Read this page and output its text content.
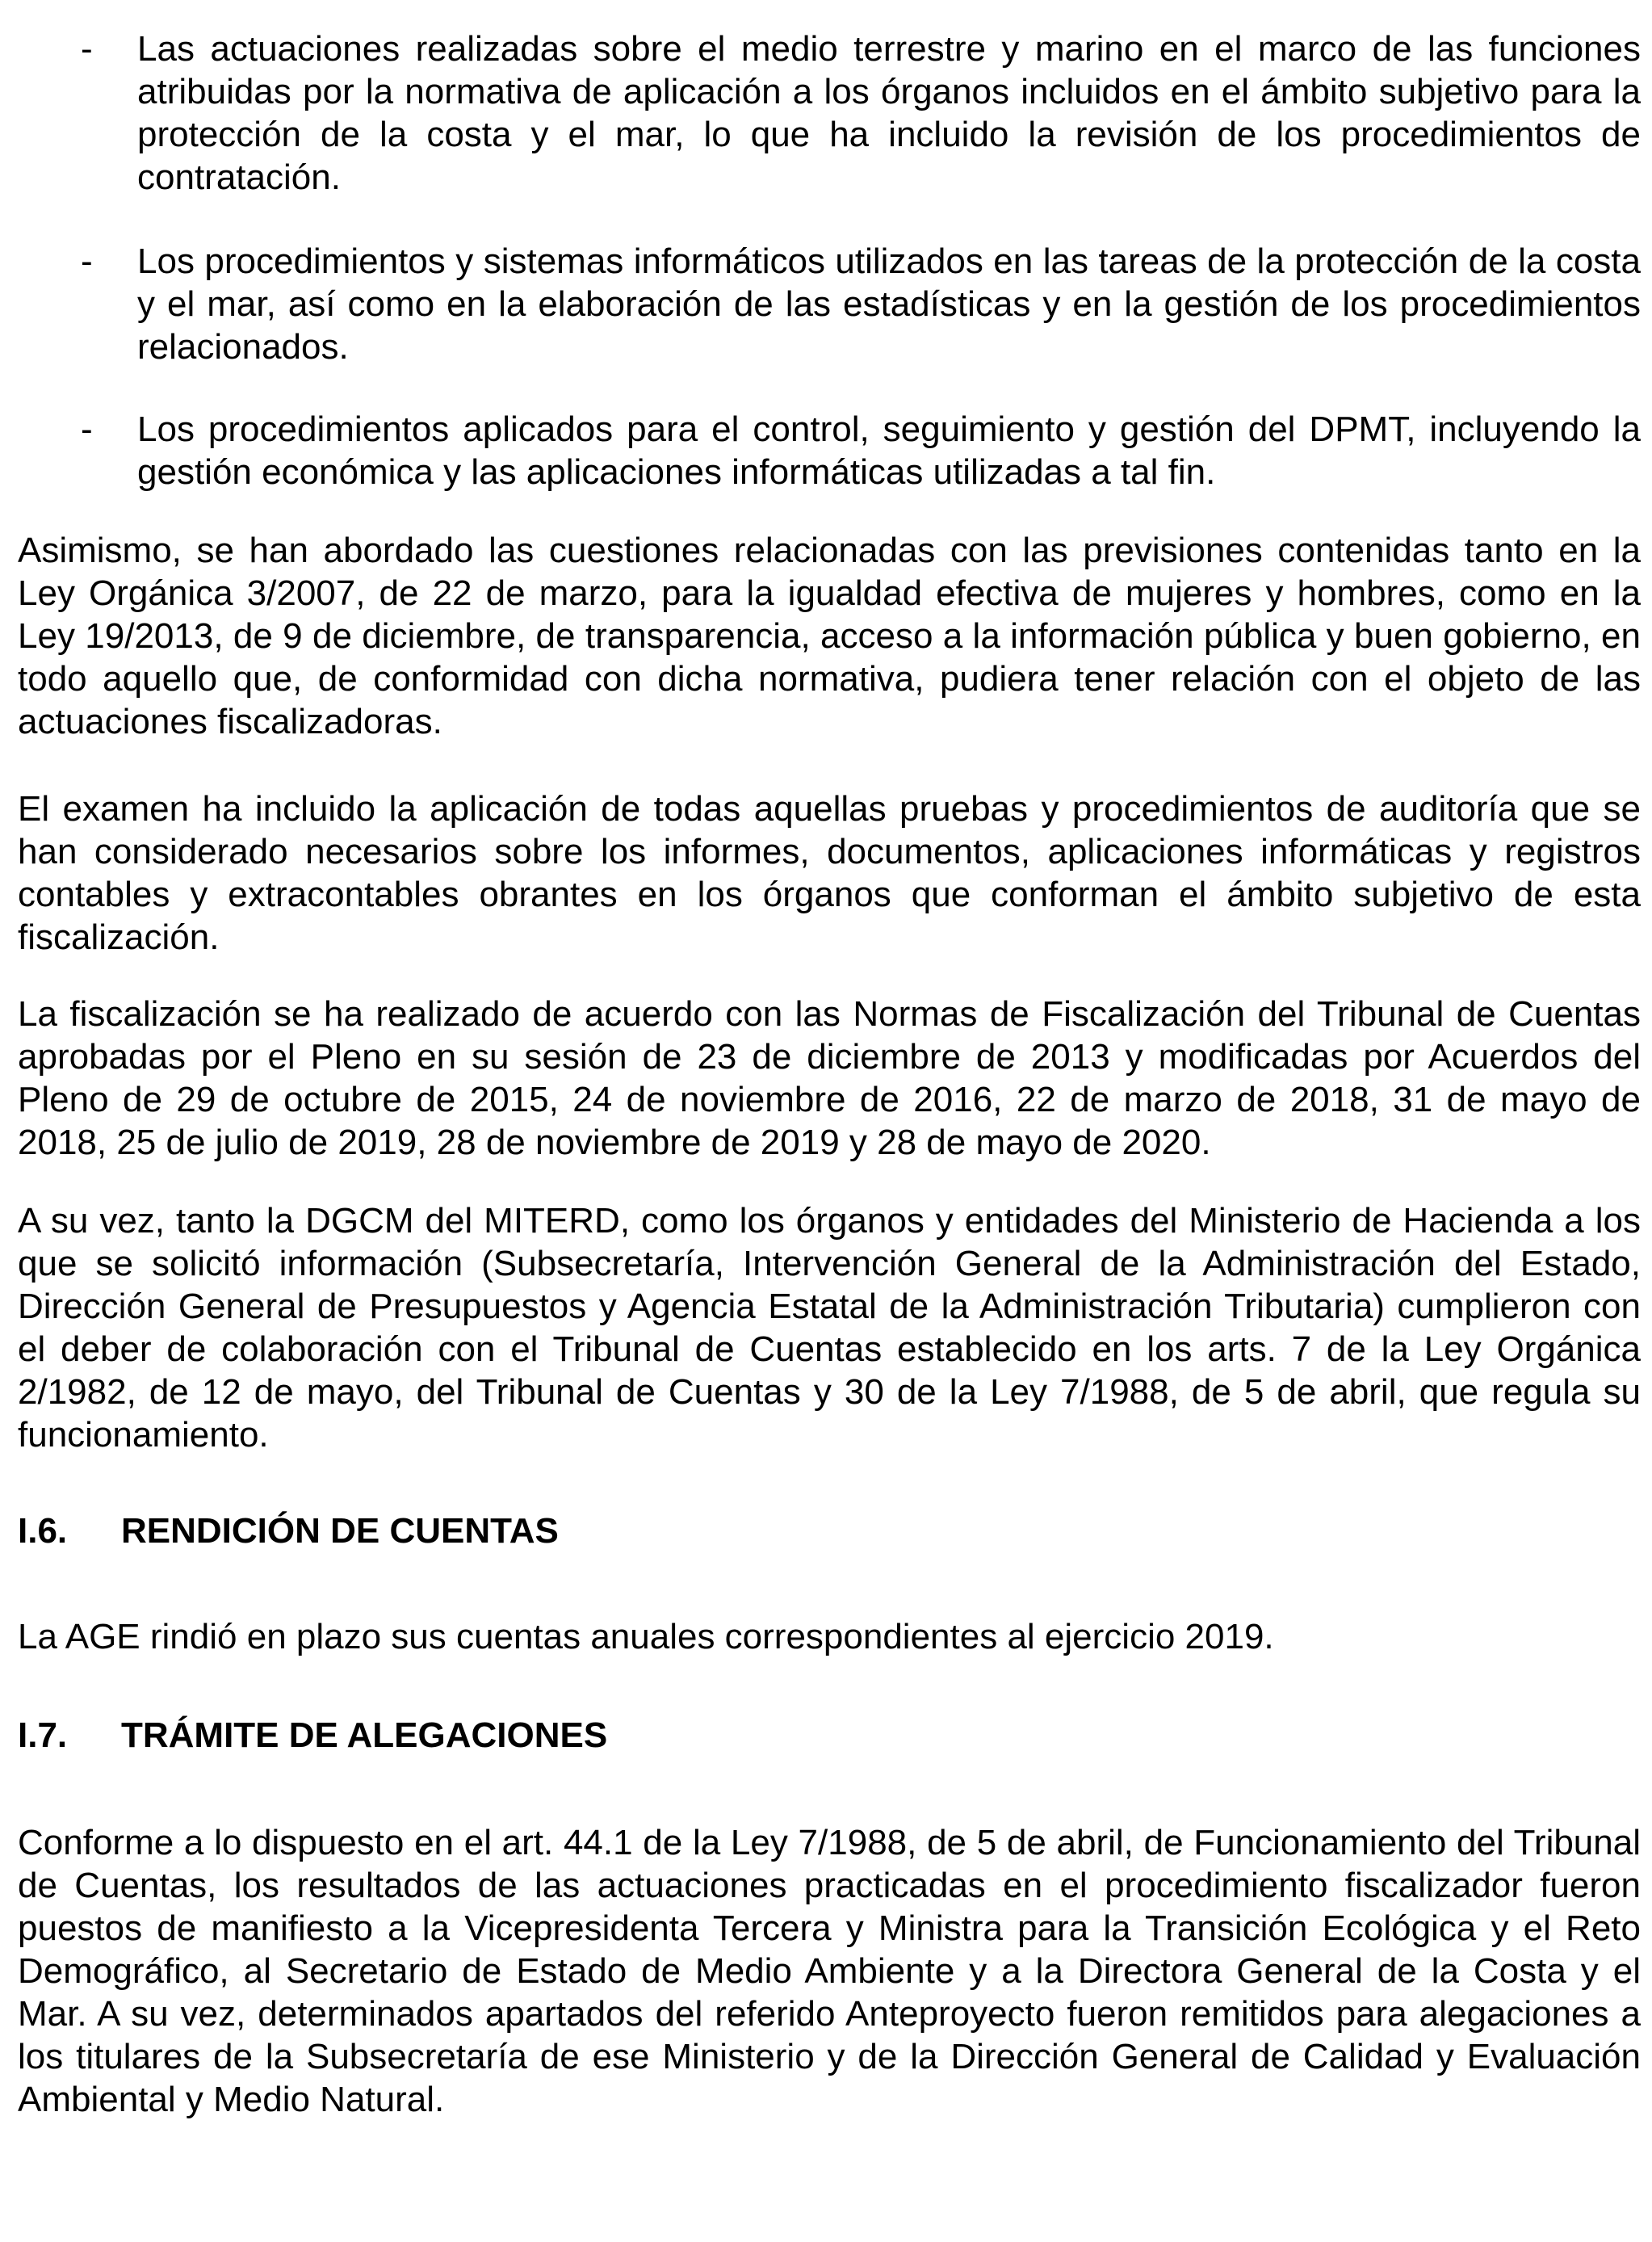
-	Las actuaciones realizadas sobre el medio terrestre y marino en el marco de las funciones atribuidas por la normativa de aplicación a los órganos incluidos en el ámbito subjetivo para la protección de la costa y el mar, lo que ha incluido la revisión de los procedimientos de contratación.

-	Los procedimientos y sistemas informáticos utilizados en las tareas de la protección de la costa y el mar, así como en la elaboración de las estadísticas y en la gestión de los procedimientos relacionados.

-	Los procedimientos aplicados para el control, seguimiento y gestión del DPMT, incluyendo la gestión económica y las aplicaciones informáticas utilizadas a tal fin.

Asimismo, se han abordado las cuestiones relacionadas con las previsiones contenidas tanto en la Ley Orgánica 3/2007, de 22 de marzo, para la igualdad efectiva de mujeres y hombres, como en la Ley 19/2013, de 9 de diciembre, de transparencia, acceso a la información pública y buen gobierno, en todo aquello que, de conformidad con dicha normativa, pudiera tener relación con el objeto de las actuaciones fiscalizadoras.

El examen ha incluido la aplicación de todas aquellas pruebas y procedimientos de auditoría que se han considerado necesarios sobre los informes, documentos, aplicaciones informáticas y registros contables y extracontables obrantes en los órganos que conforman el ámbito subjetivo de esta fiscalización.

La fiscalización se ha realizado de acuerdo con las Normas de Fiscalización del Tribunal de Cuentas aprobadas por el Pleno en su sesión de 23 de diciembre de 2013 y modificadas por Acuerdos del Pleno de 29 de octubre de 2015, 24 de noviembre de 2016, 22 de marzo de 2018, 31 de mayo de 2018, 25 de julio de 2019, 28 de noviembre de 2019 y 28 de mayo de 2020.

A su vez, tanto la DGCM del MITERD, como los órganos y entidades del Ministerio de Hacienda a los que se solicitó información (Subsecretaría, Intervención General de la Administración del Estado, Dirección General de Presupuestos y Agencia Estatal de la Administración Tributaria) cumplieron con el deber de colaboración con el Tribunal de Cuentas establecido en los arts. 7 de la Ley Orgánica 2/1982, de 12 de mayo, del Tribunal de Cuentas y 30 de la Ley 7/1988, de 5 de abril, que regula su funcionamiento.

I.6.	RENDICIÓN DE CUENTAS

La AGE rindió en plazo sus cuentas anuales correspondientes al ejercicio 2019.

I.7.	TRÁMITE DE ALEGACIONES

Conforme a lo dispuesto en el art. 44.1 de la Ley 7/1988, de 5 de abril, de Funcionamiento del Tribunal de Cuentas, los resultados de las actuaciones practicadas en el procedimiento fiscalizador fueron puestos de manifiesto a la Vicepresidenta Tercera y Ministra para la Transición Ecológica y el Reto Demográfico, al Secretario de Estado de Medio Ambiente y a la Directora General de la Costa y el Mar. A su vez, determinados apartados del referido Anteproyecto fueron remitidos para alegaciones a los titulares de la Subsecretaría de ese Ministerio y de la Dirección General de Calidad y Evaluación Ambiental y Medio Natural.
